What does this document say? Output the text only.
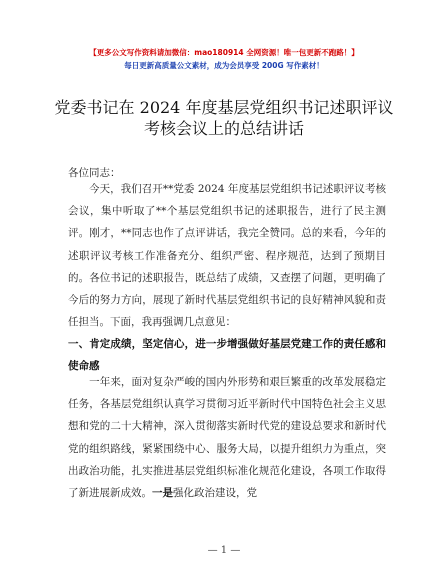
【更多公文写作资料请加微信：mao180914 全网资源！唯一包更新不跑路！】
每日更新高质量公文素材，成为会员享受 200G 写作素材！
党委书记在 2024 年度基层党组织书记述职评议
考核会议上的总结讲话
各位同志：

今天，我们召开**党委 2024 年度基层党组织书记述职评议考核会议，集中听取了**个基层党组织书记的述职报告，进行了民主测评。刚才，**同志也作了点评讲话，我完全赞同。总的来看，今年的述职评议考核工作准备充分、组织严密、程序规范，达到了预期目的。各位书记的述职报告，既总结了成绩，又查摆了问题，更明确了今后的努力方向，展现了新时代基层党组织书记的良好精神风貌和责任担当。下面，我再强调几点意见：

一、肯定成绩，坚定信心，进一步增强做好基层党建工作的责任感和使命感

一年来，面对复杂严峻的国内外形势和艰巨繁重的改革发展稳定任务，各基层党组织认真学习贯彻习近平新时代中国特色社会主义思想和党的二十大精神，深入贯彻落实新时代党的建设总要求和新时代党的组织路线，紧紧围绕中心、服务大局，以提升组织力为重点，突出政治功能，扎实推进基层党组织标准化规范化建设，各项工作取得了新进展新成效。一是强化政治建设，党

— 1 —
